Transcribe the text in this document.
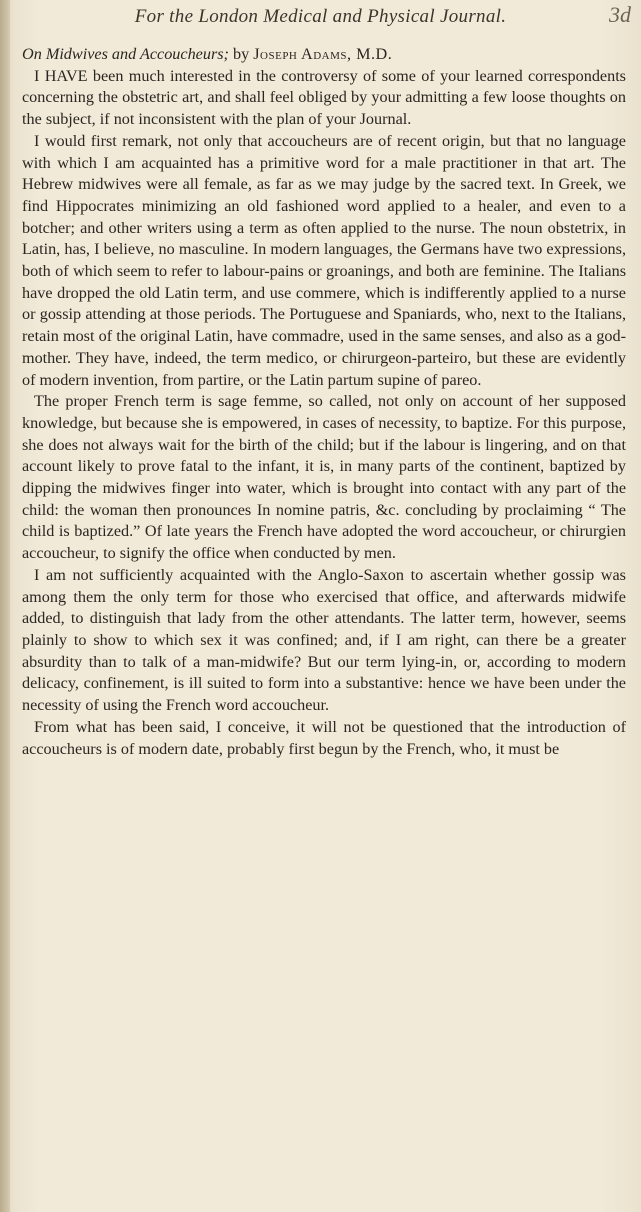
For the London Medical and Physical Journal.	3d

On Midwives and Accoucheurs; by Joseph Adams, M.D.

I HAVE been much interested in the controversy of some of your learned correspondents concerning the obstetric art, and shall feel obliged by your admitting a few loose thoughts on the subject, if not inconsistent with the plan of your Journal.

I would first remark, not only that accoucheurs are of recent origin, but that no language with which I am acquainted has a primitive word for a male practitioner in that art. The Hebrew midwives were all female, as far as we may judge by the sacred text. In Greek, we find Hippocrates minimizing an old fashioned word applied to a healer, and even to a botcher; and other writers using a term as often applied to the nurse. The noun obstetrix, in Latin, has, I believe, no masculine. In modern languages, the Germans have two expressions, both of which seem to refer to labour-pains or groanings, and both are feminine. The Italians have dropped the old Latin term, and use commere, which is indifferently applied to a nurse or gossip attending at those periods. The Portuguese and Spaniards, who, next to the Italians, retain most of the original Latin, have commadre, used in the same senses, and also as a god-mother. They have, indeed, the term medico, or chirurgeon-parteiro, but these are evidently of modern invention, from partire, or the Latin partum supine of pareo.

The proper French term is sage femme, so called, not only on account of her supposed knowledge, but because she is empowered, in cases of necessity, to baptize. For this purpose, she does not always wait for the birth of the child; but if the labour is lingering, and on that account likely to prove fatal to the infant, it is, in many parts of the continent, baptized by dipping the midwives finger into water, which is brought into contact with any part of the child: the woman then pronounces In nomine patris, &c. concluding by proclaiming “ The child is baptized.” Of late years the French have adopted the word accoucheur, or chirurgien accoucheur, to signify the office when conducted by men.

I am not sufficiently acquainted with the Anglo-Saxon to ascertain whether gossip was among them the only term for those who exercised that office, and afterwards midwife added, to distinguish that lady from the other attendants. The latter term, however, seems plainly to show to which sex it was confined; and, if I am right, can there be a greater absurdity than to talk of a man-midwife? But our term lying-in, or, according to modern delicacy, confinement, is ill suited to form into a substantive: hence we have been under the necessity of using the French word accoucheur.

From what has been said, I conceive, it will not be questioned that the introduction of accoucheurs is of modern date, probably first begun by the French, who, it must be
